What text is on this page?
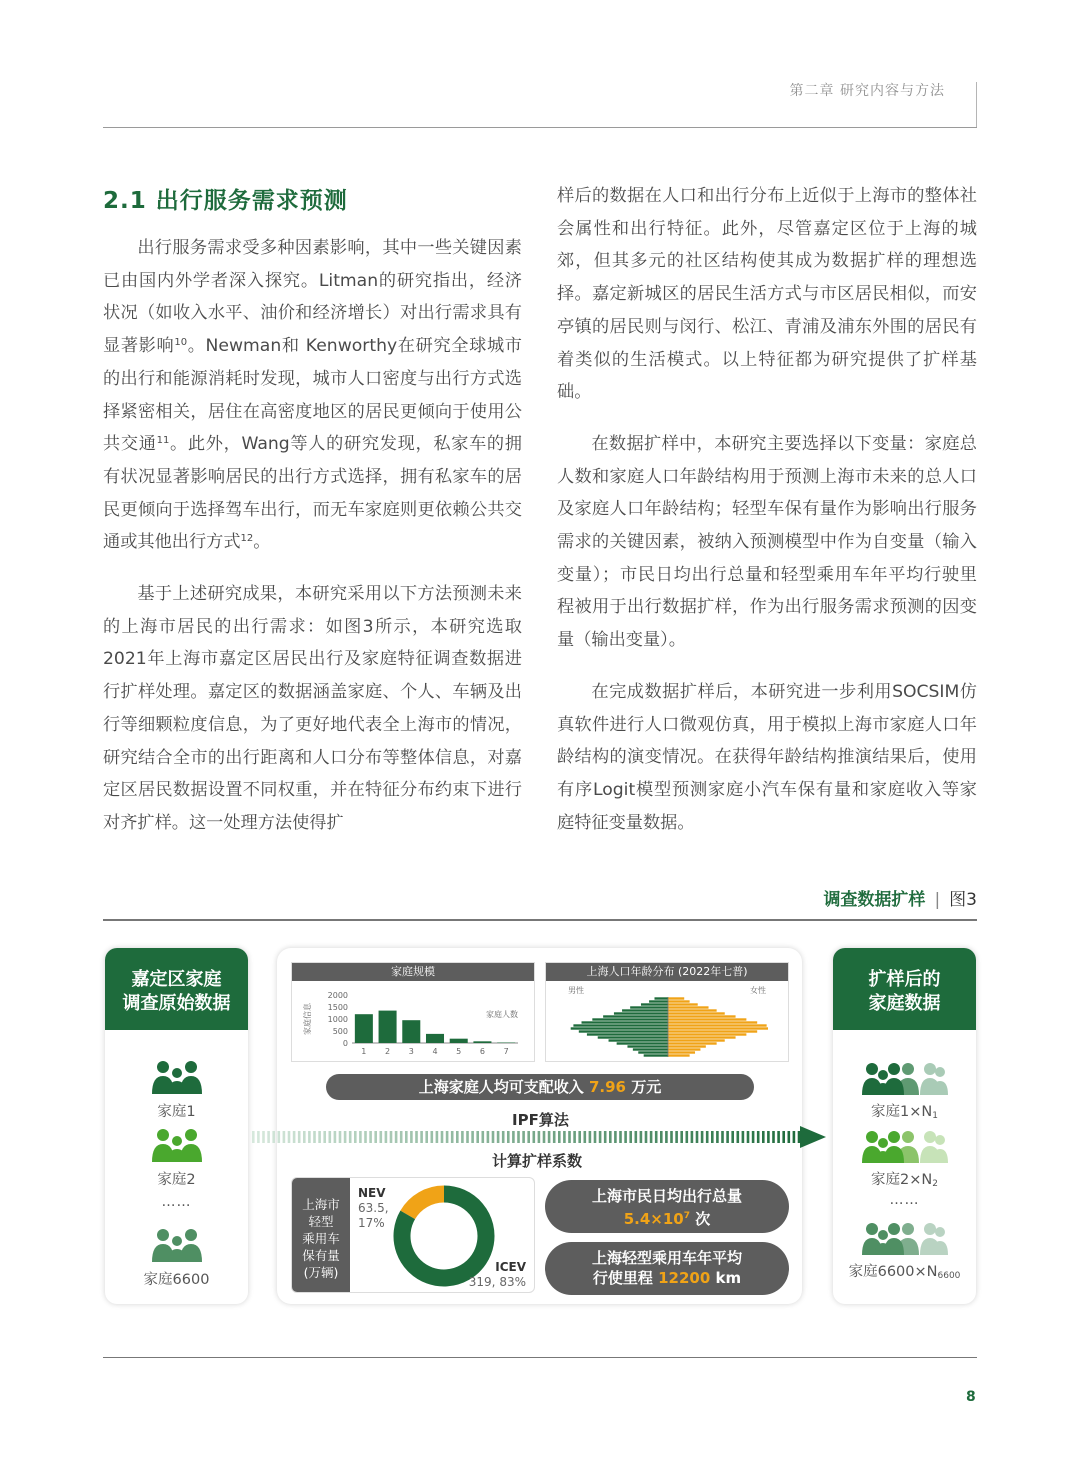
第二章 研究内容与方法
2.1 出行服务需求预测

出行服务需求受多种因素影响，其中一些关键因素已由国内外学者深入探究。Litman的研究指出，经济状况（如收入水平、油价和经济增长）对出行需求具有显著影响$^{10}$。Newman和 Kenworthy在研究全球城市的出行和能源消耗时发现，城市人口密度与出行方式选择紧密相关，居住在高密度地区的居民更倾向于使用公共交通$^{11}$。此外，Wang等人的研究发现，私家车的拥有状况显著影响居民的出行方式选择，拥有私家车的居民更倾向于选择驾车出行，而无车家庭则更依赖公共交通或其他出行方式$^{12}$。

基于上述研究成果，本研究采用以下方法预测未来的上海市居民的出行需求：如图3所示，本研究选取2021年上海市嘉定区居民出行及家庭特征调查数据进行扩样处理。嘉定区的数据涵盖家庭、个人、车辆及出行等细颗粒度信息，为了更好地代表全上海市的情况，研究结合全市的出行距离和人口分布等整体信息，对嘉定区居民数据设置不同权重，并在特征分布约束下进行对齐扩样。这一处理方法使得扩

样后的数据在人口和出行分布上近似于上海市的整体社会属性和出行特征。此外，尽管嘉定区位于上海的城郊，但其多元的社区结构使其成为数据扩样的理想选择。嘉定新城区的居民生活方式与市区居民相似，而安亭镇的居民则与闵行、松江、青浦及浦东外围的居民有着类似的生活模式。以上特征都为研究提供了扩样基础。

在数据扩样中，本研究主要选择以下变量：家庭总人数和家庭人口年龄结构用于预测上海市未来的总人口及家庭人口年龄结构；轻型车保有量作为影响出行服务需求的关键因素，被纳入预测模型中作为自变量（输入变量）；市民日均出行总量和轻型乘用车年平均行驶里程被用于出行数据扩样，作为出行服务需求预测的因变量（输出变量）。

在完成数据扩样后，本研究进一步利用SOCSIM仿真软件进行人口微观仿真，用于模拟上海市家庭人口年龄结构的演变情况。在获得年龄结构推演结果后，使用有序Logit模型预测家庭小汽车保有量和家庭收入等家庭特征变量数据。

调查数据扩样 | 图3
嘉定区家庭
调查原始数据
家庭1
家庭2
……
家庭6600
家庭规模
0
500
1000
1500
2000
家庭信息
1 2 3 4 5 6 7
家庭人数
上海人口年龄分布 (2022年七普)
男性	女性
上海家庭人均可支配收入 7.96 万元
IPF算法
计算扩样系数
上海市
轻型
乘用车
保有量
(万辆)
NEV
63.5,
17%
ICEV
319, 83%
上海市民日均出行总量
$5.4\times 10^7$ 次
上海轻型乘用车年平均
行使里程 12200 km
扩样后的
家庭数据
家庭$1\times N_1$
家庭$2\times N_2$
……
家庭$6600\times N_{6600}$
8
